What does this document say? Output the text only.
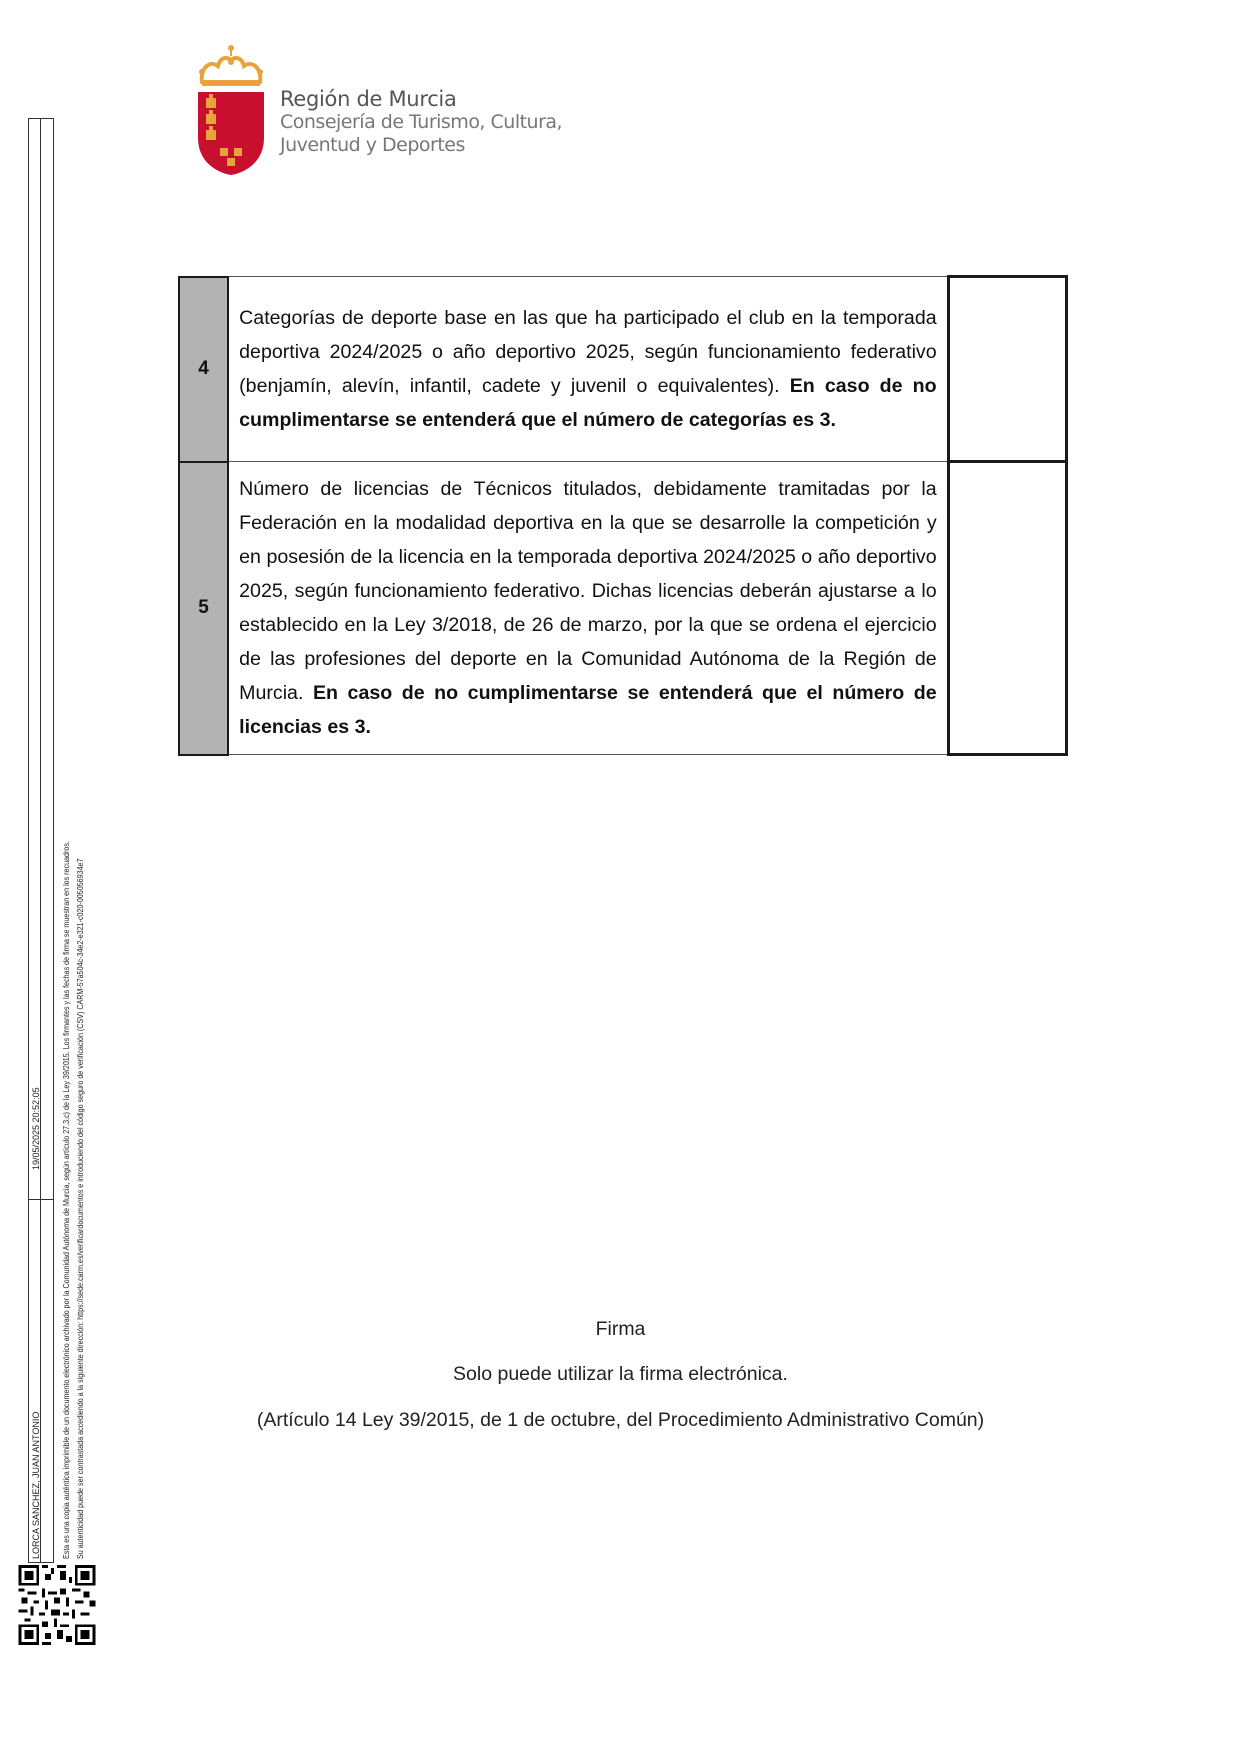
Región de Murcia
Consejería de Turismo, Cultura,
Juventud y Deportes
LORCA SANCHEZ, JUAN ANTONIO
19/05/2025 20:52:05 Esta es una copia auténtica imprimible de un documento electrónico archivado por la Comunidad Autónoma de Murcia, según artículo 27.3.c) de la Ley 39/2015. Los firmantes y las fechas de firma se muestran en los recuadros. Su autenticidad puede ser contrastada accediendo a la siguiente dirección: https://sede.carm.es/verificardocumentos e introduciendo del código seguro de verificación (CSV) CARM-57a504c-34e2-e321-c020-005056934e7
4	Categorías de deporte base en las que ha participado el club en la temporada deportiva 2024/2025 o año deportivo 2025, según funcionamiento federativo (benjamín, alevín, infantil, cadete y juvenil o equivalentes). En caso de no cumplimentarse se entenderá que el número de categorías es 3.	
5	Número de licencias de Técnicos titulados, debidamente tramitadas por la Federación en la modalidad deportiva en la que se desarrolle la competición y en posesión de la licencia en la temporada deportiva 2024/2025 o año deportivo 2025, según funcionamiento federativo. Dichas licencias deberán ajustarse a lo establecido en la Ley 3/2018, de 26 de marzo, por la que se ordena el ejercicio de las profesiones del deporte en la Comunidad Autónoma de la Región de Murcia. En caso de no cumplimentarse se entenderá que el número de licencias es 3.	
Firma
Solo puede utilizar la firma electrónica.
(Artículo 14 Ley 39/2015, de 1 de octubre, del Procedimiento Administrativo Común)
